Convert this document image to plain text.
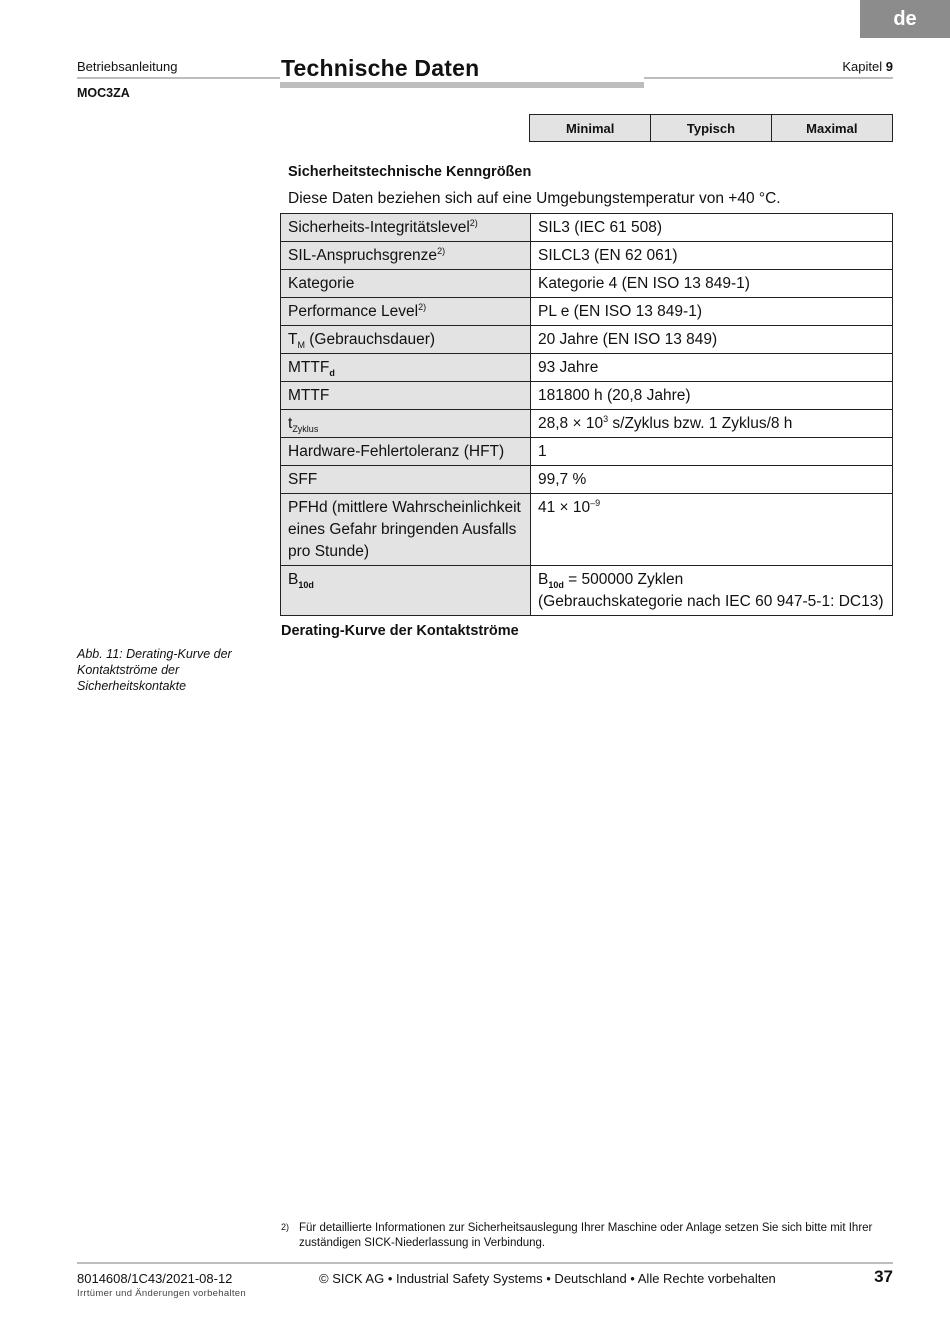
de
Betriebsanleitung
MOC3ZA
Technische Daten	Kapitel 9
Minimal	Typisch	Maximal
Sicherheitstechnische Kenngrößen
Diese Daten beziehen sich auf eine Umgebungstemperatur von +40 °C.
Sicherheits-Integritätslevel$^{2)}$	SIL3 (IEC 61 508)
SIL-Anspruchsgrenze$^{2)}$	SILCL3 (EN 62 061)
Kategorie	Kategorie 4 (EN ISO 13 849-1)
Performance Level$^{2)}$	PL e (EN ISO 13 849-1)
$T_M$ (Gebrauchsdauer)	20 Jahre (EN ISO 13 849)
$MTTF_d$	93 Jahre
MTTF	181800 h (20,8 Jahre)
$t_{Zyklus}$	$28,8 \times 10^3$ s/Zyklus bzw. 1 Zyklus/8 h
Hardware-Fehlertoleranz (HFT)	1
SFF	99,7 %
PFHd (mittlere Wahrscheinlichkeit eines Gefahr bringenden Ausfalls pro Stunde)	$41 \times 10^{-9}$
$B_{10d}$	$B_{10d} = 500000$ Zyklen
(Gebrauchskategorie nach IEC 60 947-5-1: DC13)
Derating-Kurve der Kontaktströme
Abb. 11: Derating-Kurve der Kontaktströme der Sicherheitskontakte
2) Für detaillierte Informationen zur Sicherheitsauslegung Ihrer Maschine oder Anlage setzen Sie sich bitte mit Ihrer zuständigen SICK-Niederlassung in Verbindung.
8014608/1C43/2021-08-12
Irrtümer und Änderungen vorbehalten
© SICK AG • Industrial Safety Systems • Deutschland • Alle Rechte vorbehalten	37
